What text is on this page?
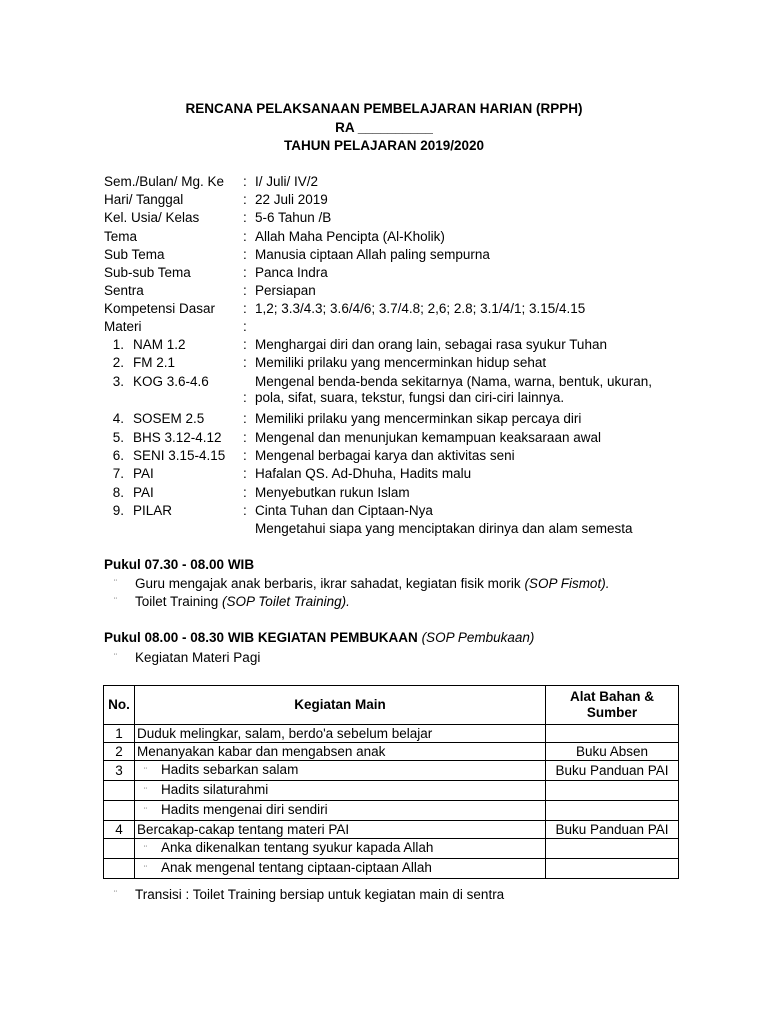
RENCANA PELAKSANAAN PEMBELAJARAN HARIAN (RPPH)
RA __________
TAHUN PELAJARAN 2019/2020
Sem./Bulan/ Mg. Ke : I/ Juli/ IV/2
Hari/ Tanggal	: 22 Juli 2019
Kel. Usia/ Kelas	: 5-6 Tahun /B
Tema	: Allah Maha Pencipta (Al-Kholik)
Sub Tema	: Manusia ciptaan Allah paling sempurna
Sub-sub Tema	: Panca Indra
Sentra	: Persiapan
Kompetensi Dasar : 1,2; 3.3/4.3; 3.6/4/6; 3.7/4.8; 2,6; 2.8; 3.1/4/1; 3.15/4.15
Materi	:
1. NAM 1.2	: Menghargai diri dan orang lain, sebagai rasa syukur Tuhan
2. FM 2.1	: Memiliki prilaku yang mencerminkan hidup sehat
3. KOG 3.6-4.6
:
Mengenal benda-benda sekitarnya (Nama, warna, bentuk, ukuran,
pola, sifat, suara, tekstur, fungsi dan ciri-ciri lainnya.
4. SOSEM 2.5	: Memiliki prilaku yang mencerminkan sikap percaya diri
5. BHS 3.12-4.12 : Mengenal dan menunjukan kemampuan keaksaraan awal
6. SENI 3.15-4.15 : Mengenal berbagai karya dan aktivitas seni
7. PAI	: Hafalan QS. Ad-Dhuha, Hadits malu
8. PAI	: Menyebutkan rukun Islam
9. PILAR	: Cinta Tuhan dan Ciptaan-Nya
Mengetahui siapa yang menciptakan dirinya dan alam semesta
Pukul 07.30 - 08.00 WIB
¨ Guru mengajak anak berbaris, ikrar sahadat, kegiatan fisik morik (SOP Fismot).
¨ Toilet Training (SOP Toilet Training).
Pukul 08.00 - 08.30 WIB KEGIATAN PEMBUKAAN (SOP Pembukaan)
¨ Kegiatan Materi Pagi
No.	Kegiatan Main	Alat Bahan & Sumber
1	Duduk melingkar, salam, berdo'a sebelum belajar	
2	Menanyakan kabar dan mengabsen anak	Buku Absen
3	¨ Hadits sebarkan salam	Buku Panduan PAI
	¨ Hadits silaturahmi	
	¨ Hadits mengenai diri sendiri	
4	Bercakap-cakap tentang materi PAI	Buku Panduan PAI
	¨ Anka dikenalkan tentang syukur kapada Allah	
	¨ Anak mengenal tentang ciptaan-ciptaan Allah	
¨ Transisi : Toilet Training bersiap untuk kegiatan main di sentra
